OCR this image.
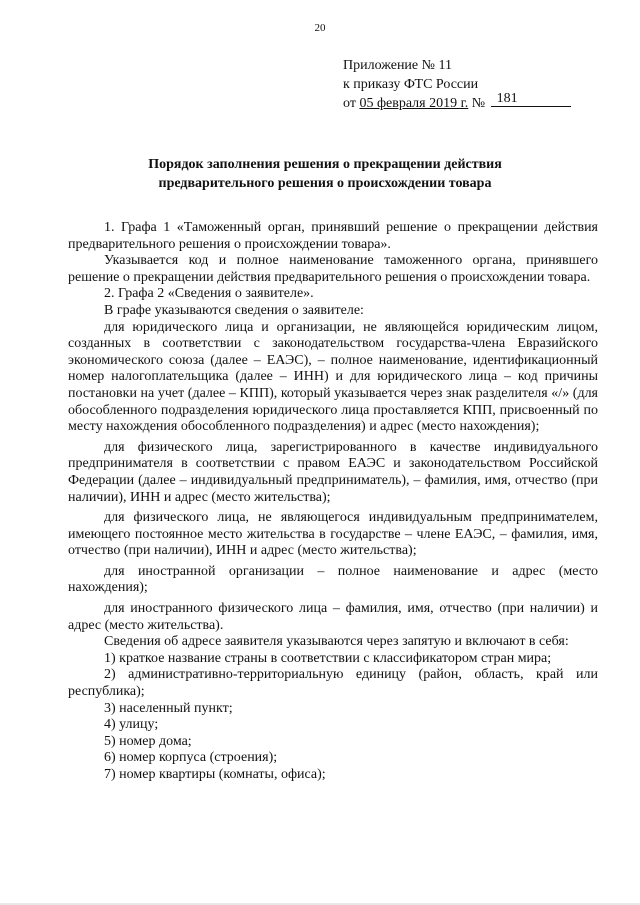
20
Приложение № 11
к приказу ФТС России
от 05 февраля 2019 г. № 181
Порядок заполнения решения о прекращении действия
предварительного решения о происхождении товара

1. Графа 1 «Таможенный орган, принявший решение о прекращении действия предварительного решения о происхождении товара».

Указывается код и полное наименование таможенного органа, принявшего решение о прекращении действия предварительного решения о происхождении товара.

2. Графа 2 «Сведения о заявителе».

В графе указываются сведения о заявителе:

для юридического лица и организации, не являющейся юридическим лицом, созданных в соответствии с законодательством государства-члена Евразийского экономического союза (далее – ЕАЭС), – полное наименование, идентификационный номер налогоплательщика (далее – ИНН) и для юридического лица – код причины постановки на учет (далее – КПП), который указывается через знак разделителя «/» (для обособленного подразделения юридического лица проставляется КПП, присвоенный по месту нахождения обособленного подразделения) и адрес (место нахождения);

для физического лица, зарегистрированного в качестве индивидуального предпринимателя в соответствии с правом ЕАЭС и законодательством Российской Федерации (далее – индивидуальный предприниматель), – фамилия, имя, отчество (при наличии), ИНН и адрес (место жительства);

для физического лица, не являющегося индивидуальным предпринимателем, имеющего постоянное место жительства в государстве – члене ЕАЭС, – фамилия, имя, отчество (при наличии), ИНН и адрес (место жительства);

для иностранной организации – полное наименование и адрес (место нахождения);

для иностранного физического лица – фамилия, имя, отчество (при наличии) и адрес (место жительства).

Сведения об адресе заявителя указываются через запятую и включают в себя:

1) краткое название страны в соответствии с классификатором стран мира;

2) административно-территориальную единицу (район, область, край или республика);

3) населенный пункт;

4) улицу;

5) номер дома;

6) номер корпуса (строения);

7) номер квартиры (комнаты, офиса);
